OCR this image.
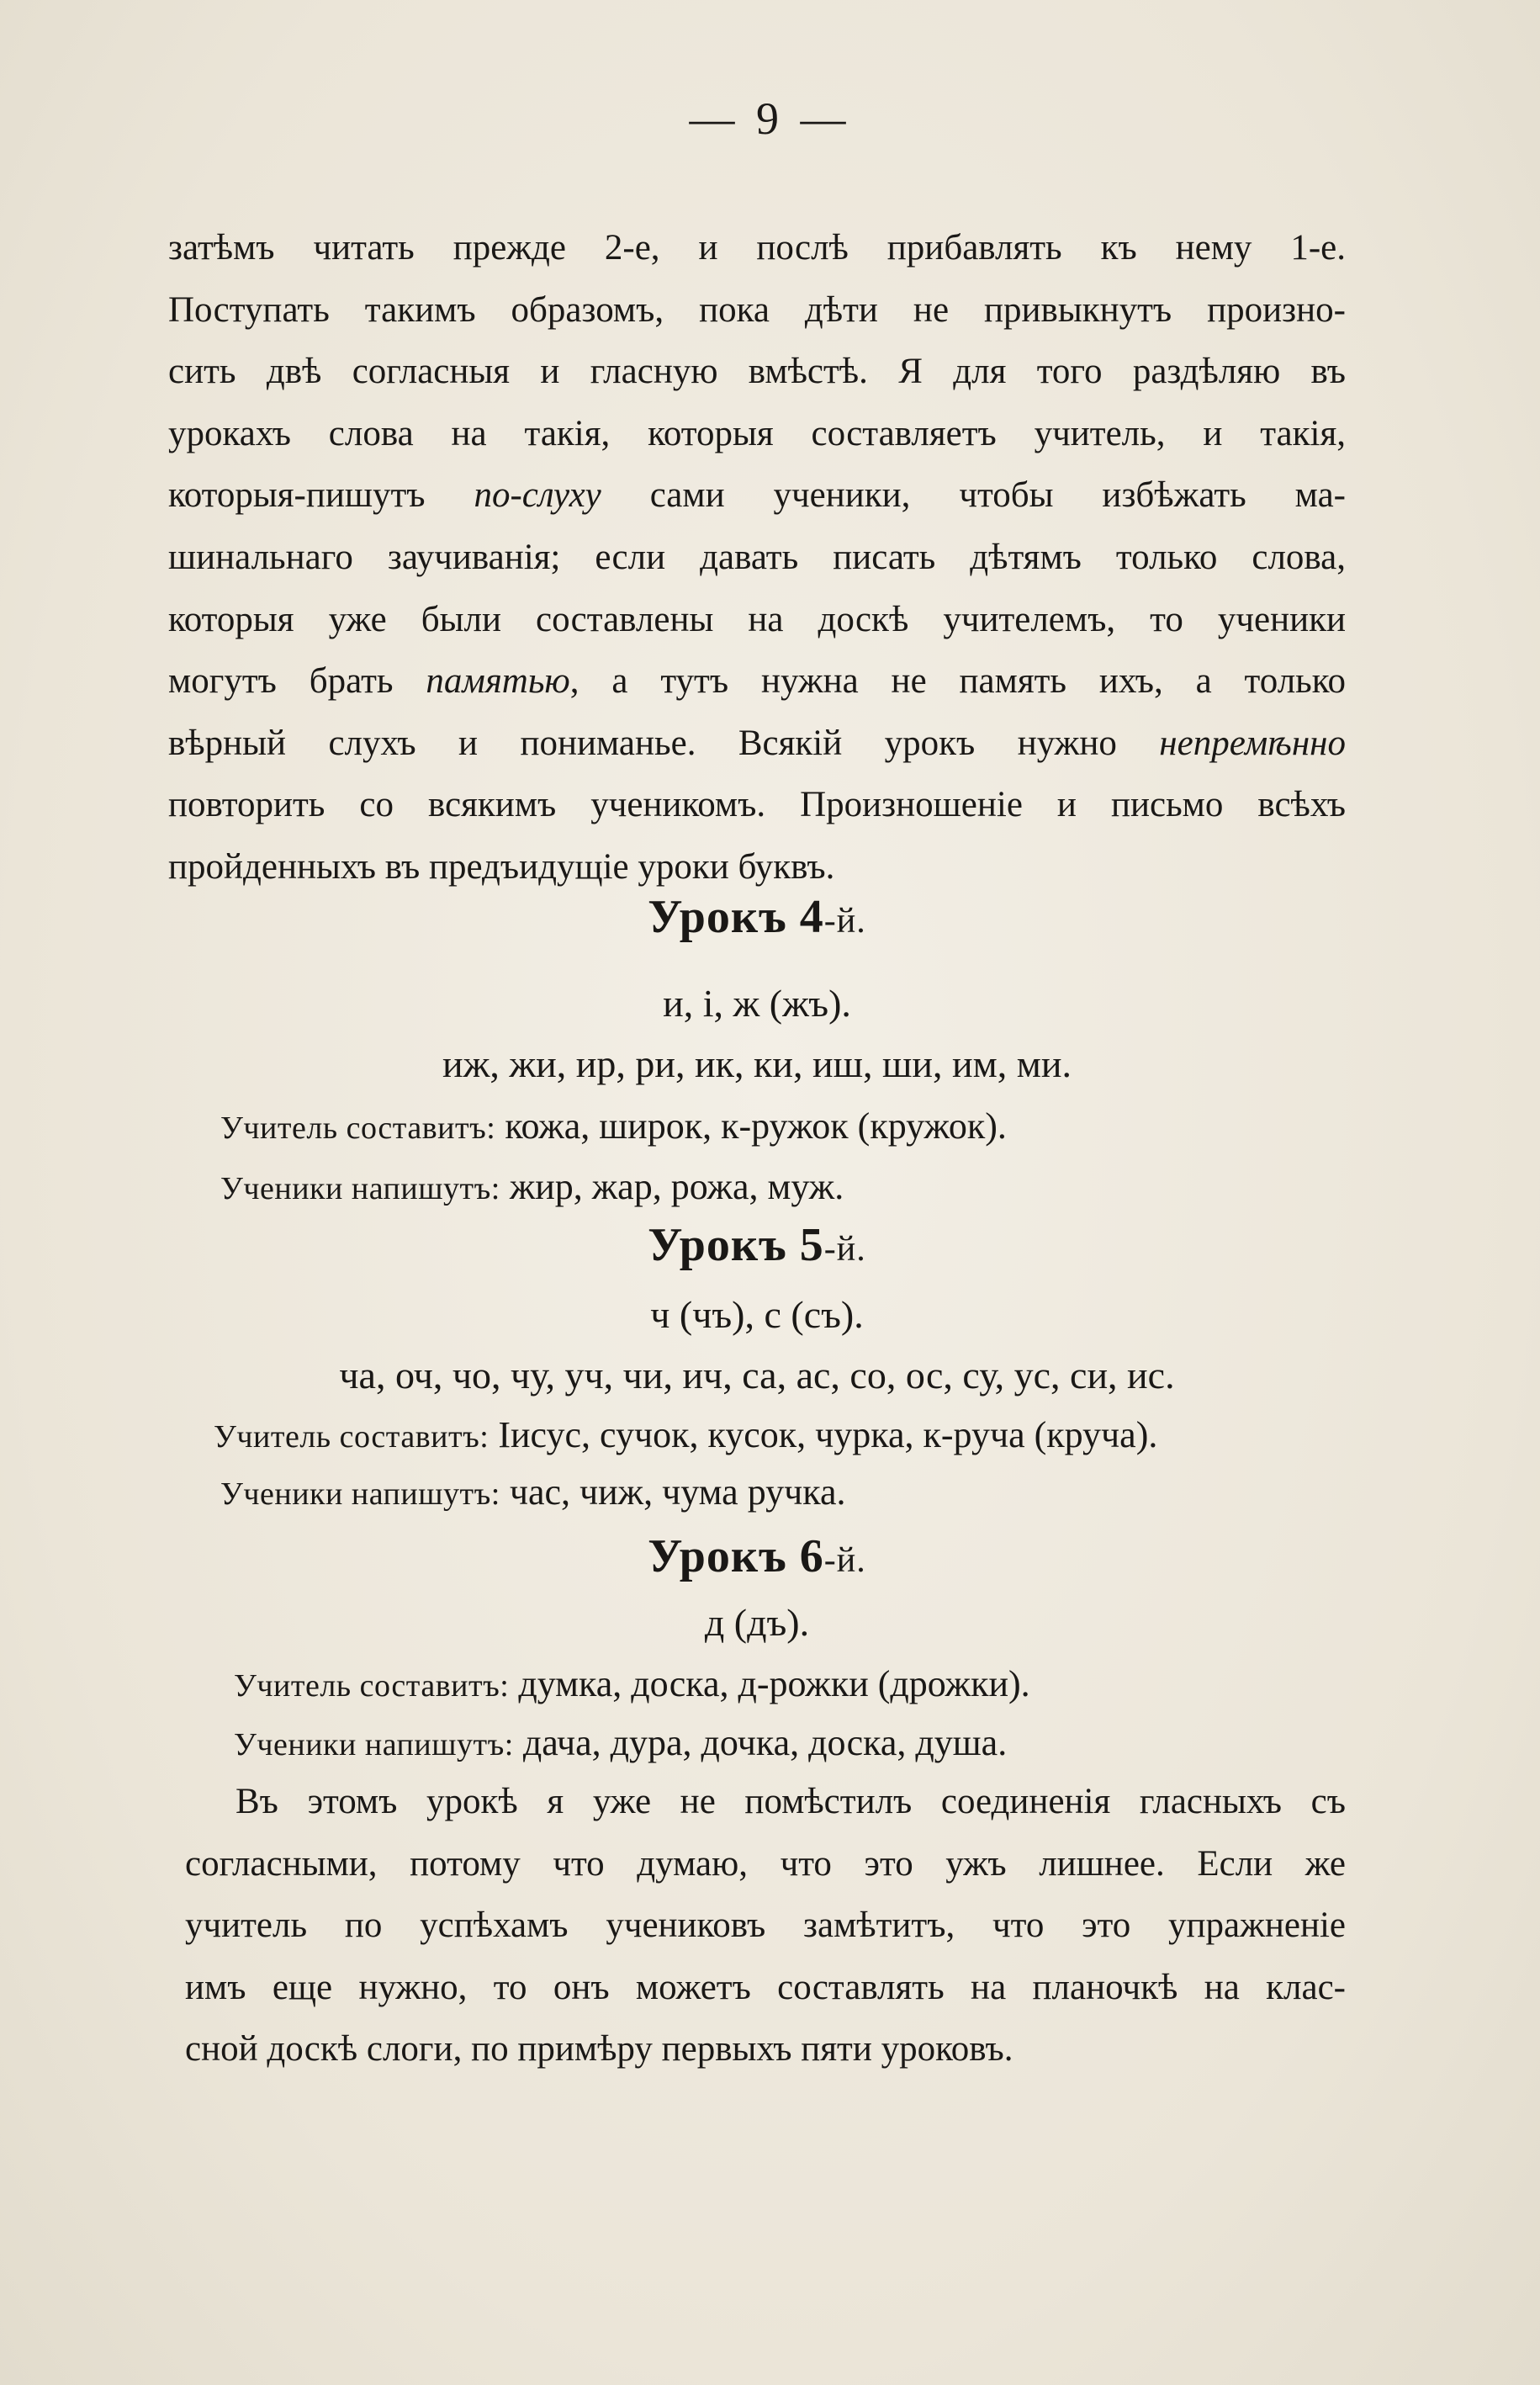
— 9 —

затѣмъ читать прежде 2-е, и послѣ прибавлять къ нему 1-е.
Поступать такимъ образомъ, пока дѣти не привыкнутъ произно-
сить двѣ согласныя и гласную вмѣстѣ. Я для того раздѣляю въ
урокахъ слова на такія, которыя составляетъ учитель, и такія,
которыя-пишутъ по-слуху сами ученики, чтобы избѣжать ма-
шинальнаго заучиванія; если давать писать дѣтямъ только слова,
которыя уже были составлены на доскѣ учителемъ, то ученики
могутъ брать памятью, а тутъ нужна не память ихъ, а только
вѣрный слухъ и пониманье. Всякій урокъ нужно непремѣнно
повторить со всякимъ ученикомъ. Произношеніе и письмо всѣхъ
пройденныхъ въ предъидущіе уроки буквъ.

Урокъ 4-й.
и, і, ж (жъ).
иж, жи, ир, ри, ик, ки, иш, ши, им, ми.
Учитель составитъ: кожа, широк, к-ружок (кружок).
Ученики напишутъ: жир, жар, рожа, муж.
Урокъ 5-й.
ч (чъ), с (съ).
ча, оч, чо, чу, уч, чи, ич, са, ас, со, ос, су, ус, си, ис.
Учитель составитъ: Іисус, сучок, кусок, чурка, к-руча (круча).
Ученики напишутъ: час, чиж, чума ручка.
Урокъ 6-й.
д (дъ).
Учитель составитъ: думка, доска, д-рожки (дрожки).
Ученики напишутъ: дача, дура, дочка, доска, душа.

Въ этомъ урокѣ я уже не помѣстилъ соединенія гласныхъ съ
согласными, потому что думаю, что это ужъ лишнее. Если же
учитель по успѣхамъ учениковъ замѣтитъ, что это упражненіе
имъ еще нужно, то онъ можетъ составлять на планочкѣ на клас-
сной доскѣ слоги, по примѣру первыхъ пяти уроковъ.
